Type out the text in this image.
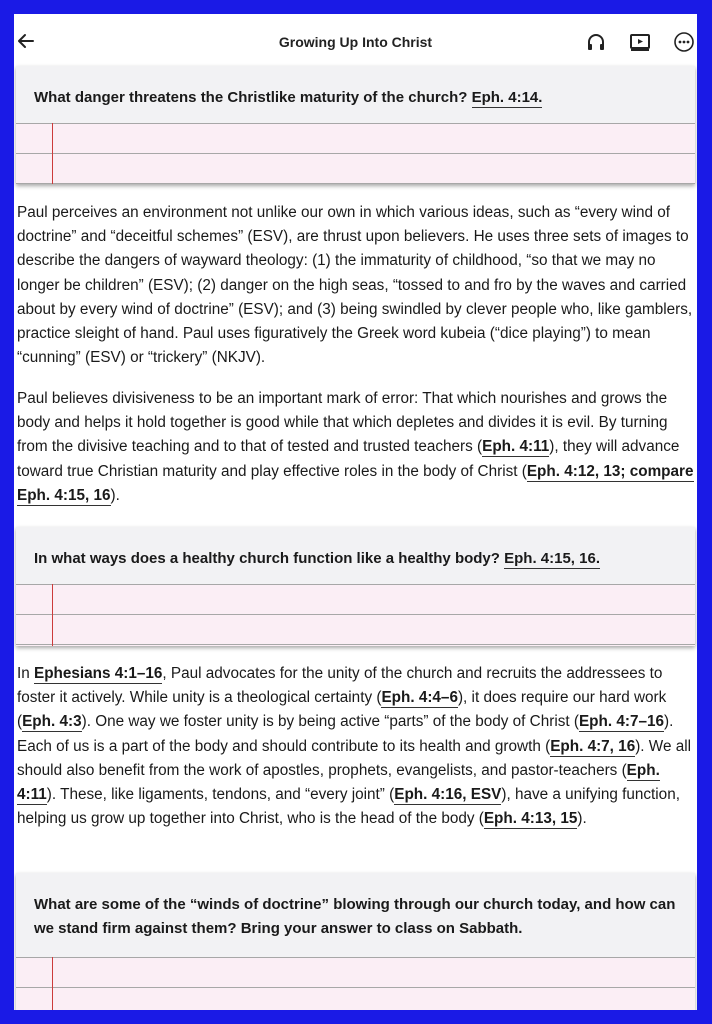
Growing Up Into Christ
What danger threatens the Christlike maturity of the church? Eph. 4:14.
Paul perceives an environment not unlike our own in which various ideas, such as “every wind of doctrine” and “deceitful schemes” (ESV), are thrust upon believers. He uses three sets of images to describe the dangers of wayward theology: (1) the immaturity of childhood, “so that we may no longer be children” (ESV); (2) danger on the high seas, “tossed to and fro by the waves and carried about by every wind of doctrine” (ESV); and (3) being swindled by clever people who, like gamblers, practice sleight of hand. Paul uses figuratively the Greek word kubeia (“dice playing”) to mean “cunning” (ESV) or “trickery” (NKJV).
Paul believes divisiveness to be an important mark of error: That which nourishes and grows the body and helps it hold together is good while that which depletes and divides it is evil. By turning from the divisive teaching and to that of tested and trusted teachers (Eph. 4:11), they will advance toward true Christian maturity and play effective roles in the body of Christ (Eph. 4:12, 13; compare Eph. 4:15, 16).
In what ways does a healthy church function like a healthy body? Eph. 4:15, 16.
In Ephesians 4:1–16, Paul advocates for the unity of the church and recruits the addressees to foster it actively. While unity is a theological certainty (Eph. 4:4–6), it does require our hard work (Eph. 4:3). One way we foster unity is by being active “parts” of the body of Christ (Eph. 4:7–16). Each of us is a part of the body and should contribute to its health and growth (Eph. 4:7, 16). We all should also benefit from the work of apostles, prophets, evangelists, and pastor-teachers (Eph. 4:11). These, like ligaments, tendons, and “every joint” (Eph. 4:16, ESV), have a unifying function, helping us grow up together into Christ, who is the head of the body (Eph. 4:13, 15).
What are some of the “winds of doctrine” blowing through our church today, and how can we stand firm against them? Bring your answer to class on Sabbath.
